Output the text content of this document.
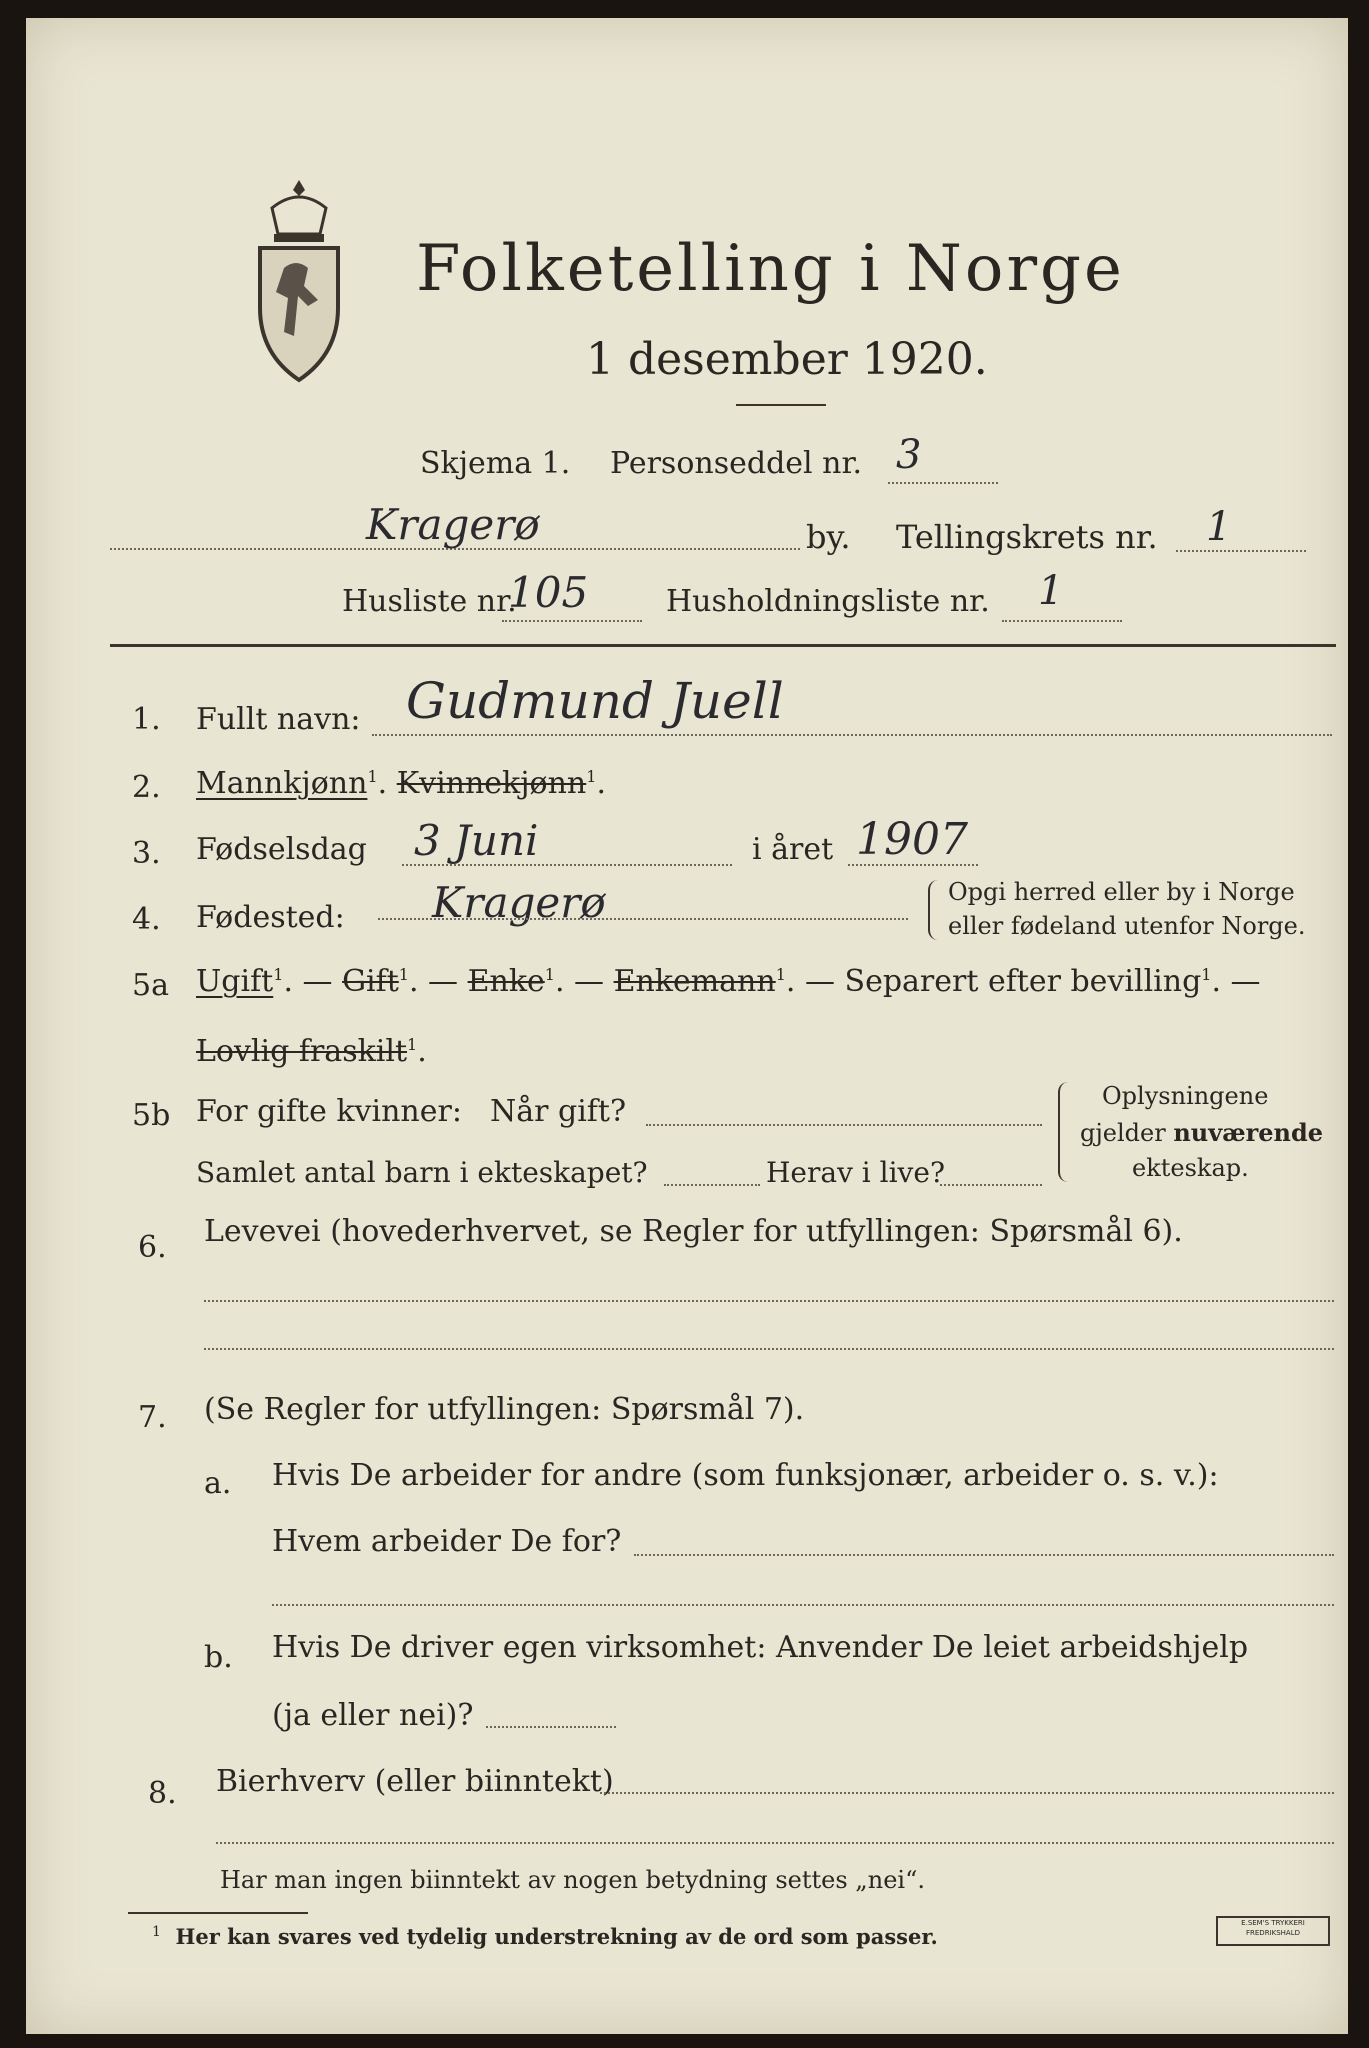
Folketelling i Norge
1 desember 1920.
Skjema 1. Personseddel nr. 3
Kragerø	by. Tellingskrets nr. 1
Husliste nr.
105	Husholdningsliste nr. 1
1. Fullt navn: Gudmund Juell
2. Mannkjønn$^1$. Kvinnekjønn$^1$.
3. Fødselsdag 3 Juni	i året 1907
4. Fødested: Kragerø	Opgi herred eller by i Norge
eller fødeland utenfor Norge.
5a Ugift$^1$. — Gift$^1$. — Enke$^1$. — Enkemann$^1$. — Separert efter bevilling$^1$. —
Lovlig fraskilt$^1$.
5b For gifte kvinner: Når gift?
Samlet antal barn i ekteskapet?	Herav i live?
Oplysningene
gjelder nuværende
ekteskap.
6. Levevei (hovederhvervet, se Regler for utfyllingen: Spørsmål 6).
7. (Se Regler for utfyllingen: Spørsmål 7).
a. Hvis De arbeider for andre (som funksjonær, arbeider o. s. v.):
Hvem arbeider De for?
b. Hvis De driver egen virksomhet: Anvender De leiet arbeidshjelp
(ja eller nei)?
8. Bierhverv (eller biinntekt)
Har man ingen biinntekt av nogen betydning settes „nei“.
$^1$ Her kan svares ved tydelig understrekning av de ord som passer.
E.SEM'S TRYKKERI
FREDRIKSHALD
